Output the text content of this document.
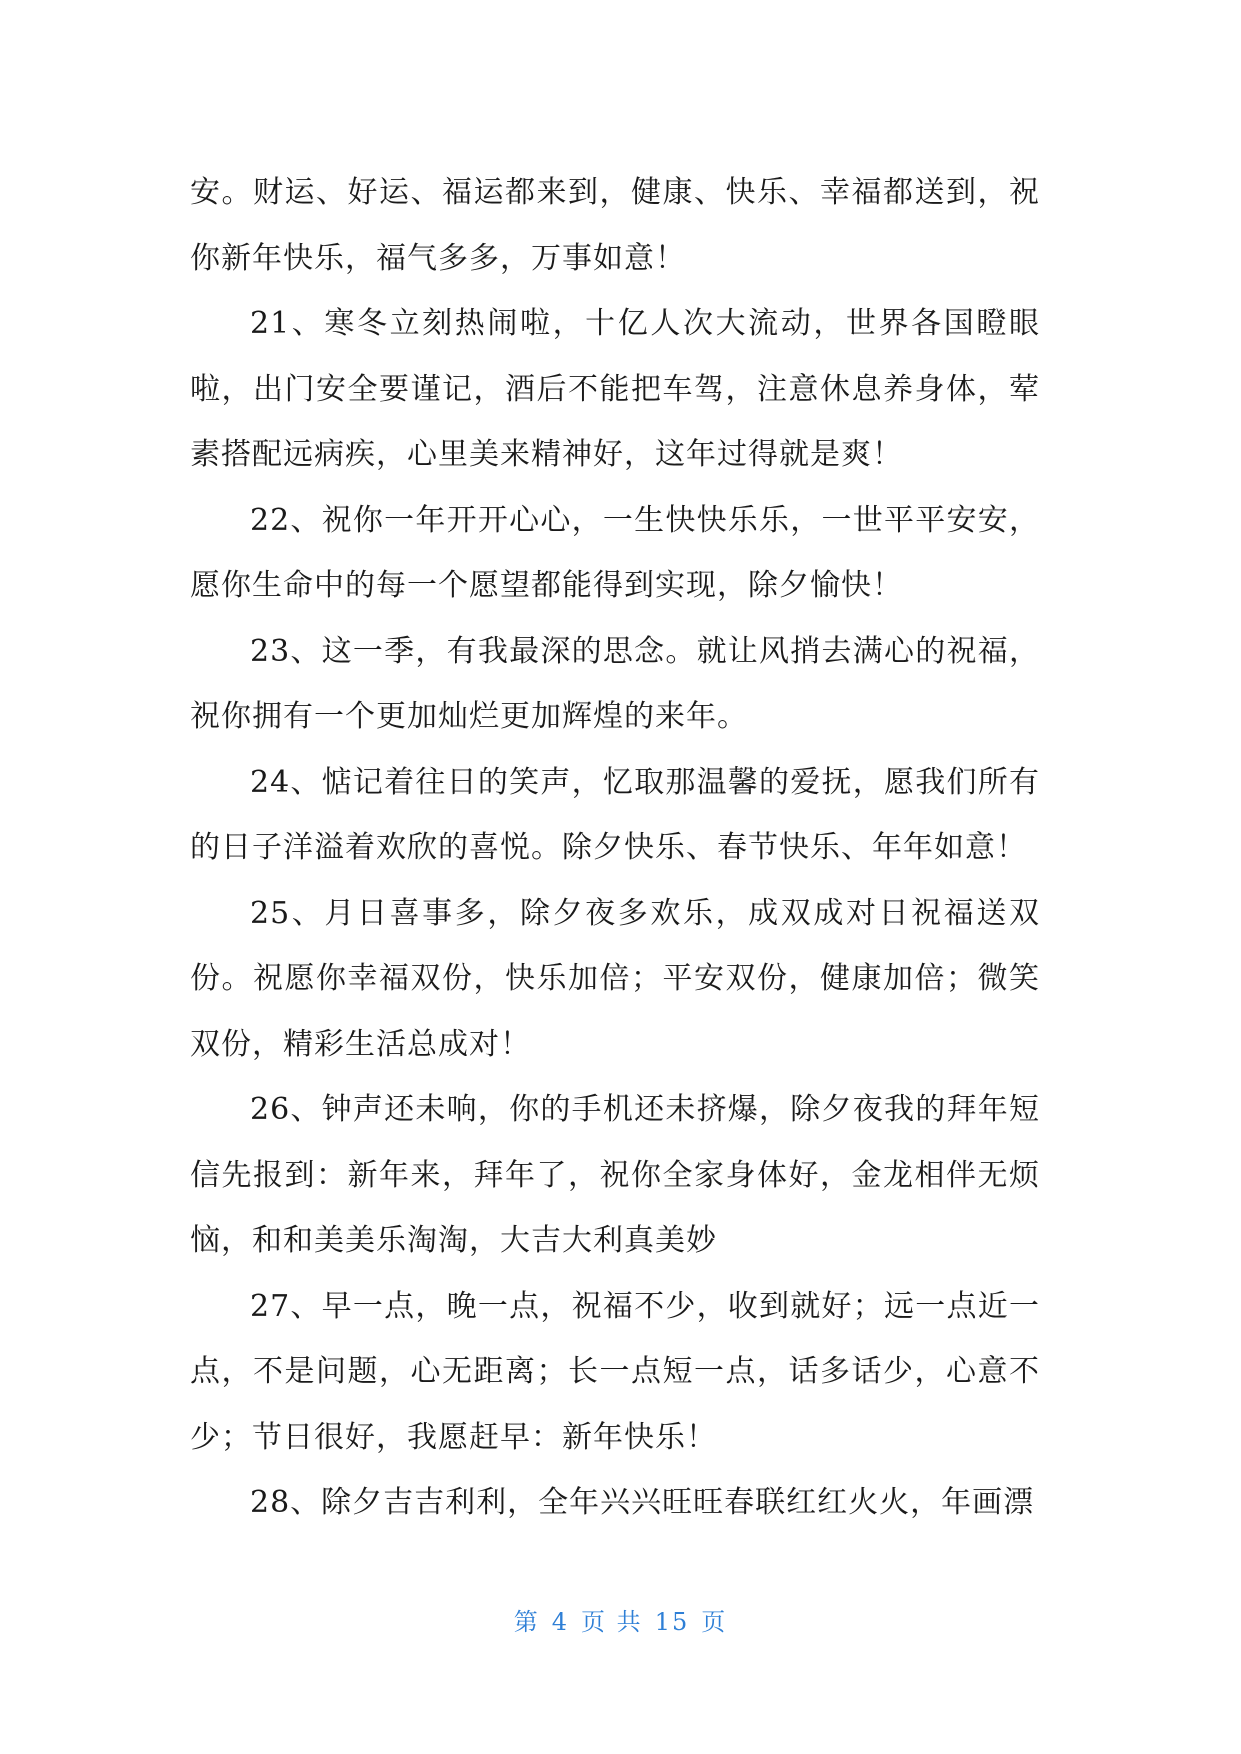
安。财运、好运、福运都来到，健康、快乐、幸福都送到，祝你新年快乐，福气多多，万事如意！

21、寒冬立刻热闹啦，十亿人次大流动，世界各国瞪眼啦，出门安全要谨记，酒后不能把车驾，注意休息养身体，荤素搭配远病疾，心里美来精神好，这年过得就是爽！

22、祝你一年开开心心，一生快快乐乐，一世平平安安，愿你生命中的每一个愿望都能得到实现，除夕愉快！

23、这一季，有我最深的思念。就让风捎去满心的祝福，祝你拥有一个更加灿烂更加辉煌的来年。

24、惦记着往日的笑声，忆取那温馨的爱抚，愿我们所有的日子洋溢着欢欣的喜悦。除夕快乐、春节快乐、年年如意！

25、月日喜事多，除夕夜多欢乐，成双成对日祝福送双份。祝愿你幸福双份，快乐加倍；平安双份，健康加倍；微笑双份，精彩生活总成对！

26、钟声还未响，你的手机还未挤爆，除夕夜我的拜年短信先报到：新年来，拜年了，祝你全家身体好，金龙相伴无烦恼，和和美美乐淘淘，大吉大利真美妙

27、早一点，晚一点，祝福不少，收到就好；远一点近一点，不是问题，心无距离；长一点短一点，话多话少，心意不少；节日很好，我愿赶早：新年快乐！

28、除夕吉吉利利，全年兴兴旺旺春联红红火火，年画漂

第 4 页 共 15 页
